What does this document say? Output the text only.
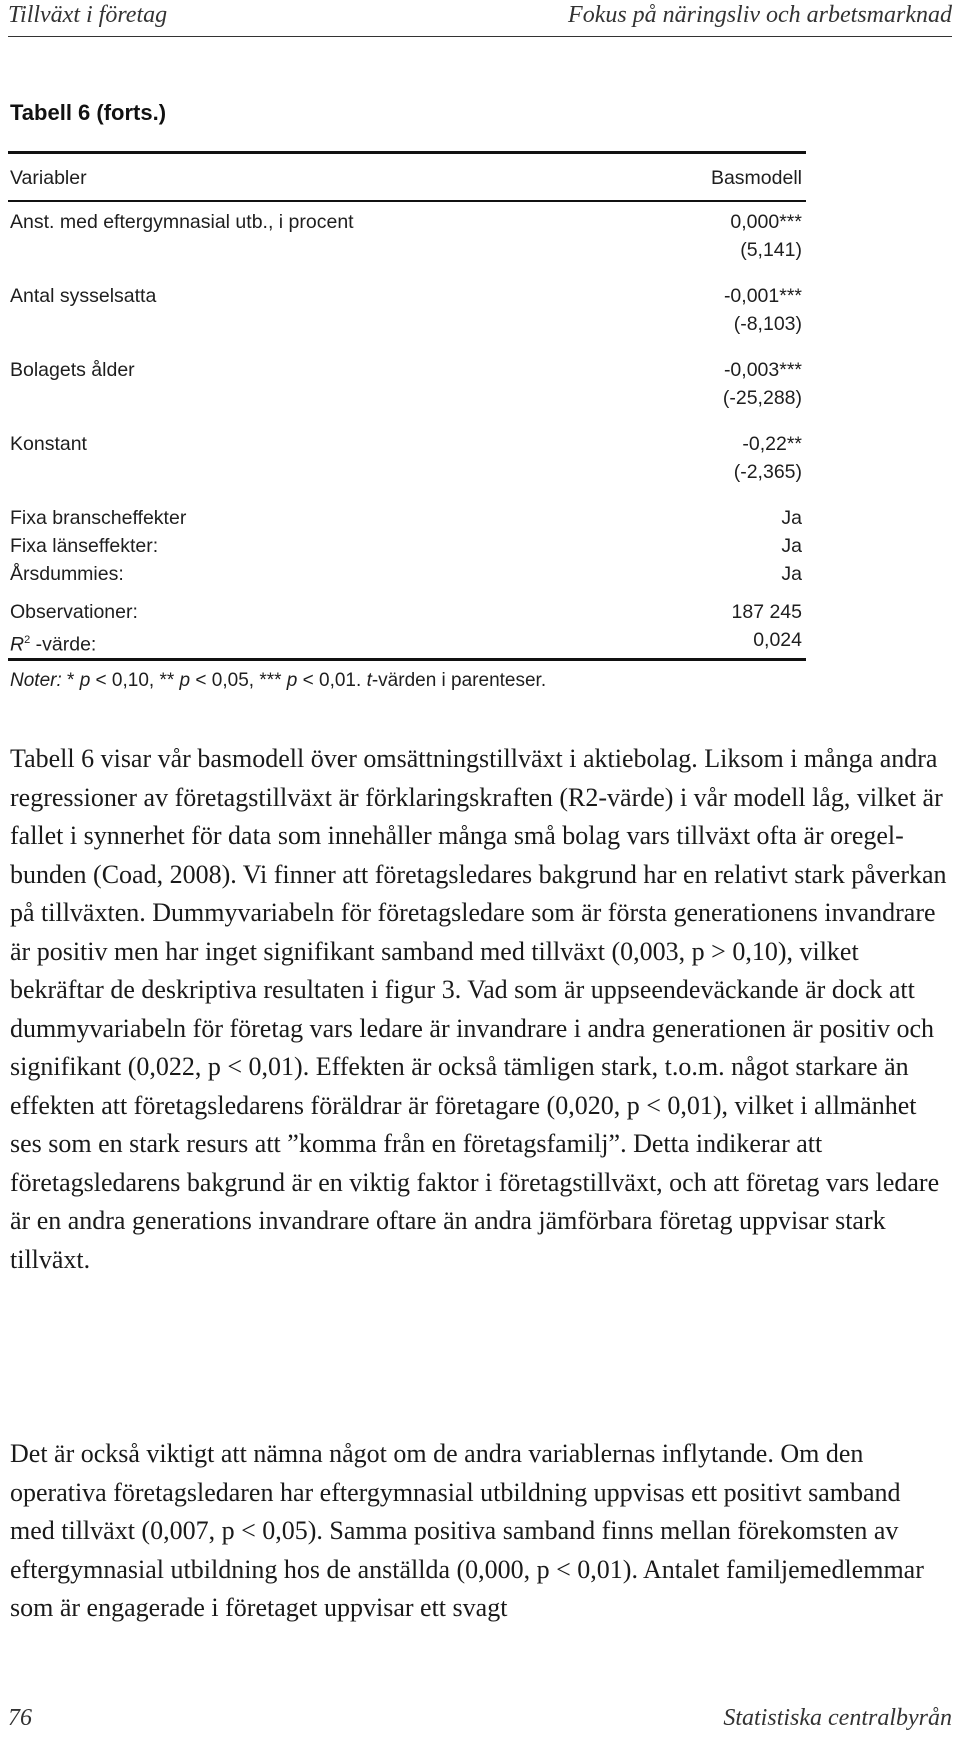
Tillväxt i företag	Fokus på näringsliv och arbetsmarknad
Tabell 6 (forts.)
Variabler	Basmodell
Anst. med eftergymnasial utb., i procent	0,000***
(5,141)
Antal sysselsatta	-0,001***
(-8,103)
Bolagets ålder	-0,003***
(-25,288)
Konstant	-0,22**
(-2,365)
Fixa branscheffekter	Ja
Fixa länseffekter:	Ja
Årsdummies:	Ja
Observationer:	187 245
$R^2$ -värde:	0,024
Noter: * p < 0,10, ** p < 0,05, *** p < 0,01. t-värden i parenteser.

Tabell 6 visar vår basmodell över omsättningstillväxt i aktiebolag. Liksom i många andra regressioner av företagstillväxt är förklaringskraften (R2-värde) i vår modell låg, vilket är fallet i synnerhet för data som innehåller många små bolag vars tillväxt ofta är oregelbunden (Coad, 2008). Vi finner att företagsledares bakgrund har en relativt stark påverkan på tillväxten. Dummyvariabeln för företagsledare som är första generationens invandrare är positiv men har inget signifikant samband med tillväxt (0,003, p > 0,10), vilket bekräftar de deskriptiva resultaten i figur 3. Vad som är uppseendeväckande är dock att dummyvariabeln för företag vars ledare är invandrare i andra generationen är positiv och signifikant (0,022, p < 0,01). Effekten är också tämligen stark, t.o.m. något starkare än effekten att företagsledarens föräldrar är företagare (0,020, p < 0,01), vilket i allmänhet ses som en stark resurs att ”komma från en företagsfamilj”. Detta indikerar att företagsledarens bakgrund är en viktig faktor i företagstillväxt, och att företag vars ledare är en andra generations invandrare oftare än andra jämförbara företag uppvisar stark tillväxt.

Det är också viktigt att nämna något om de andra variablernas inflytande. Om den operativa företagsledaren har eftergymnasial utbildning uppvisas ett positivt samband med tillväxt (0,007, p < 0,05). Samma positiva samband finns mellan förekomsten av eftergymnasial utbildning hos de anställda (0,000, p < 0,01). Antalet familjemedlemmar som är engagerade i företaget uppvisar ett svagt

76	Statistiska centralbyrån
